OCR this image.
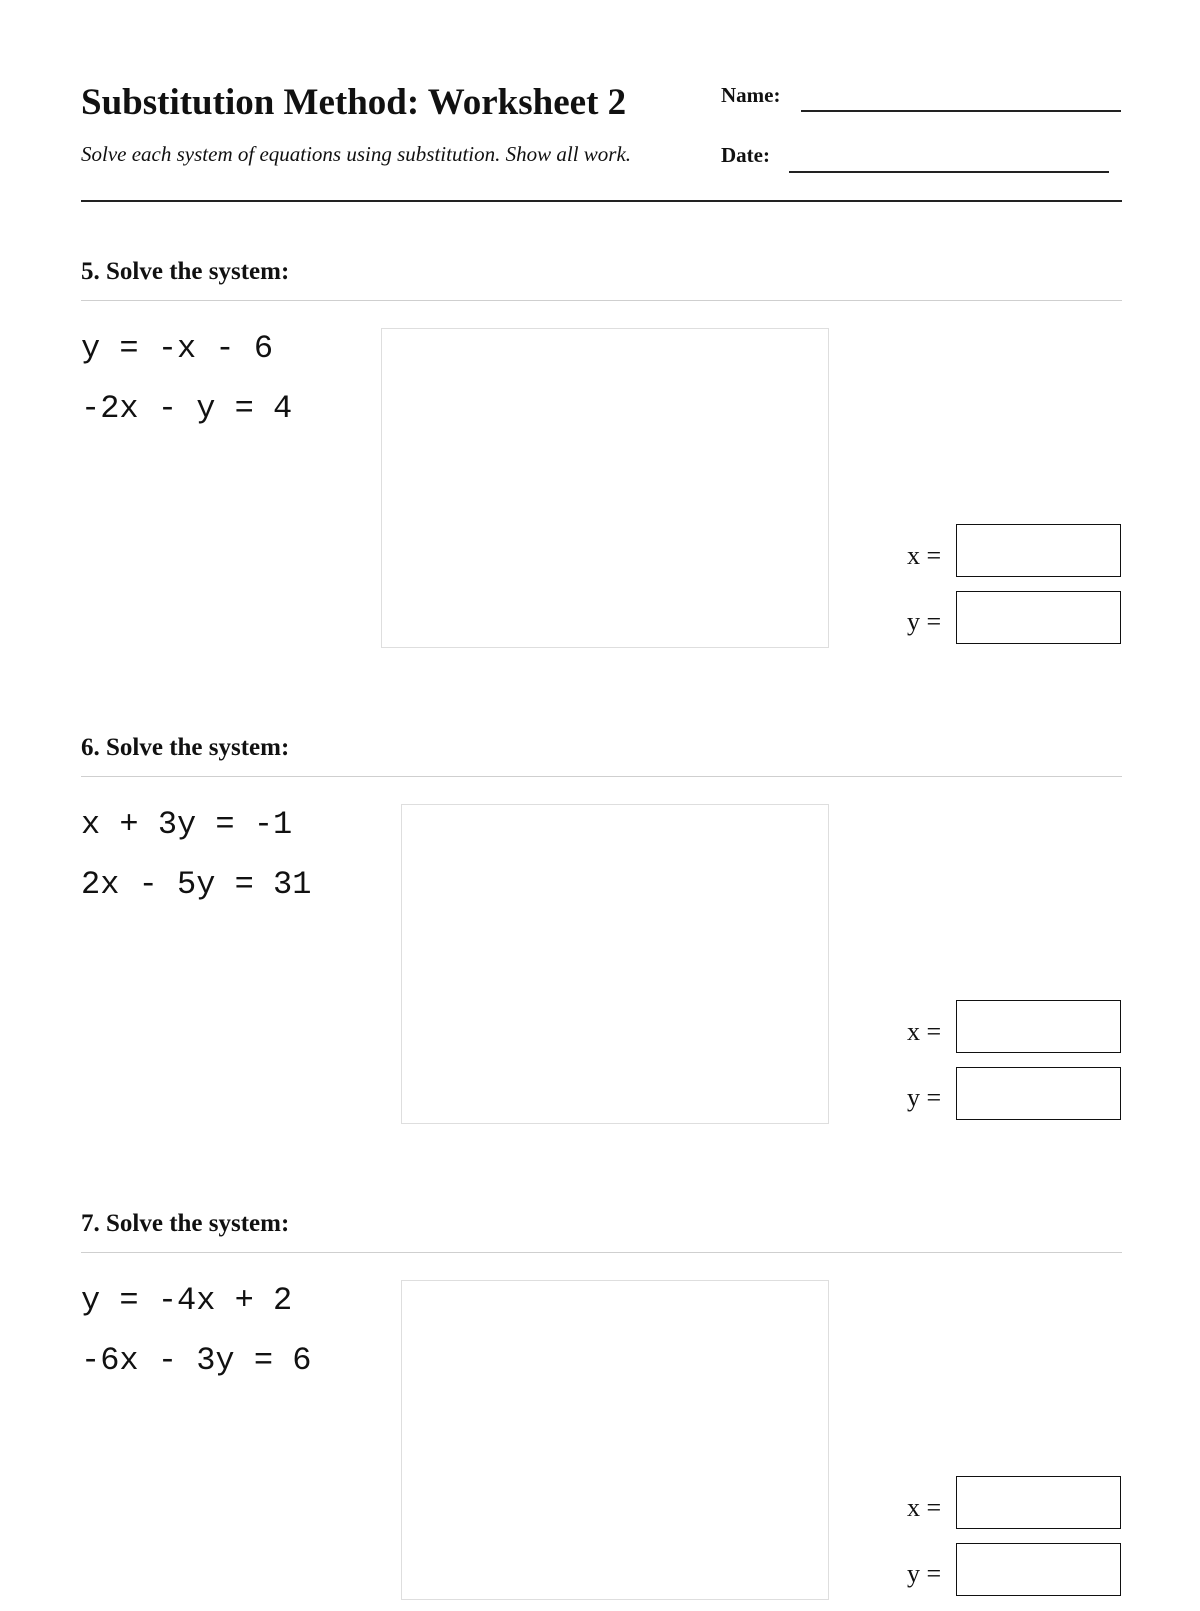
Substitution Method: Worksheet 2

Solve each system of equations using substitution. Show all work.

Name:
Date:
5. Solve the system:
y = -x - 6
-2x - y = 4
x =
y =
6. Solve the system:
x + 3y = -1
2x - 5y = 31
x =
y =
7. Solve the system:
y = -4x + 2
-6x - 3y = 6
x =
y =
